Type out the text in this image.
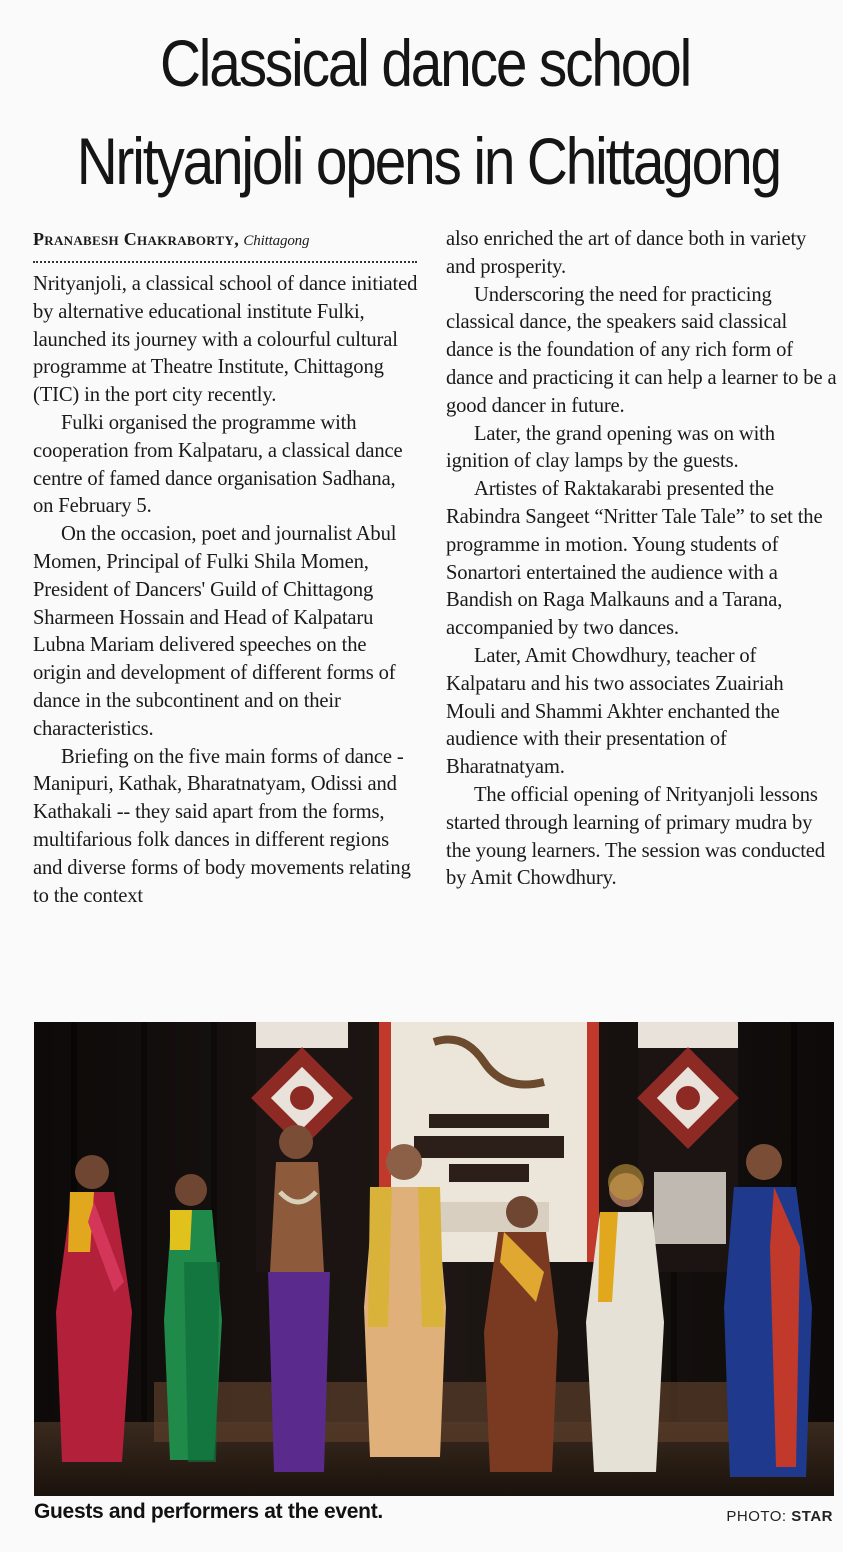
Classical dance school
Nrityanjoli opens in Chittagong
Pranabesh Chakraborty, Chittagong

Nrityanjoli, a classical school of dance initiated by alternative educational institute Fulki, launched its journey with a colourful cultural programme at Theatre Institute, Chittagong (TIC) in the port city recently.

Fulki organised the programme with cooperation from Kalpataru, a classical dance centre of famed dance organisation Sadhana, on February 5.

On the occasion, poet and journalist Abul Momen, Principal of Fulki Shila Momen, President of Dancers' Guild of Chittagong Sharmeen Hossain and Head of Kalpataru Lubna Mariam delivered speeches on the origin and development of different forms of dance in the subcontinent and on their characteristics.

Briefing on the five main forms of dance - Manipuri, Kathak, Bharatnatyam, Odissi and Kathakali -- they said apart from the forms, multifarious folk dances in different regions and diverse forms of body movements relating to the context

also enriched the art of dance both in variety and prosperity.

Underscoring the need for practicing classical dance, the speakers said classical dance is the foundation of any rich form of dance and practicing it can help a learner to be a good dancer in future.

Later, the grand opening was on with ignition of clay lamps by the guests.

Artistes of Raktakarabi presented the Rabindra Sangeet “Nritter Tale Tale” to set the programme in motion. Young students of Sonartori entertained the audience with a Bandish on Raga Malkauns and a Tarana, accompanied by two dances.

Later, Amit Chowdhury, teacher of Kalpataru and his two associates Zuairiah Mouli and Shammi Akhter enchanted the audience with their presentation of Bharatnatyam.

The official opening of Nrityanjoli lessons started through learning of primary mudra by the young learners. The session was conducted by Amit Chowdhury.

Guests and performers at the event.	PHOTO: STAR
